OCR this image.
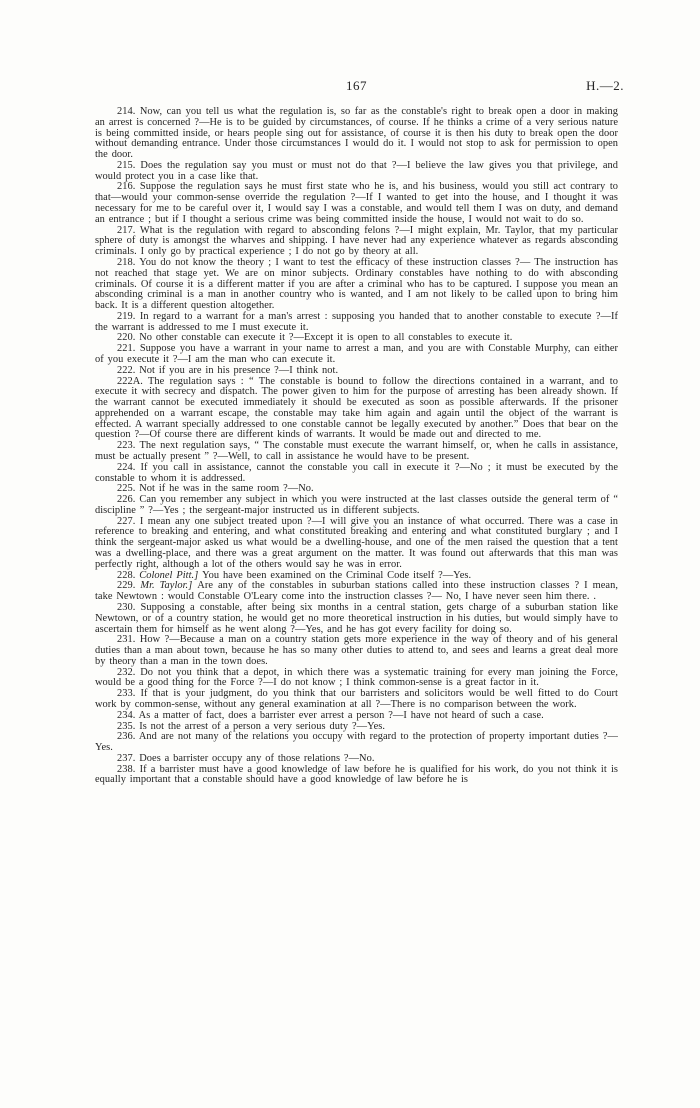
167	H.—2.

214. Now, can you tell us what the regulation is, so far as the constable's right to break open a door in making an arrest is concerned ?—He is to be guided by circumstances, of course. If he thinks a crime of a very serious nature is being committed inside, or hears people sing out for assistance, of course it is then his duty to break open the door without demanding entrance. Under those circumstances I would do it. I would not stop to ask for permission to open the door.

215. Does the regulation say you must or must not do that ?—I believe the law gives you that privilege, and would protect you in a case like that.

216. Suppose the regulation says he must first state who he is, and his business, would you still act contrary to that—would your common-sense override the regulation ?—If I wanted to get into the house, and I thought it was necessary for me to be careful over it, I would say I was a constable, and would tell them I was on duty, and demand an entrance ; but if I thought a serious crime was being committed inside the house, I would not wait to do so.

217. What is the regulation with regard to absconding felons ?—I might explain, Mr. Taylor, that my particular sphere of duty is amongst the wharves and shipping. I have never had any experience whatever as regards absconding criminals. I only go by practical experience ; I do not go by theory at all.

218. You do not know the theory ; I want to test the efficacy of these instruction classes ?— The instruction has not reached that stage yet. We are on minor subjects. Ordinary constables have nothing to do with absconding criminals. Of course it is a different matter if you are after a criminal who has to be captured. I suppose you mean an absconding criminal is a man in another country who is wanted, and I am not likely to be called upon to bring him back. It is a different question altogether.

219. In regard to a warrant for a man's arrest : supposing you handed that to another constable to execute ?—If the warrant is addressed to me I must execute it.

220. No other constable can execute it ?—Except it is open to all constables to execute it.

221. Suppose you have a warrant in your name to arrest a man, and you are with Constable Murphy, can either of you execute it ?—I am the man who can execute it.

222. Not if you are in his presence ?—I think not.

222A. The regulation says : “ The constable is bound to follow the directions contained in a warrant, and to execute it with secrecy and dispatch. The power given to him for the purpose of arresting has been already shown. If the warrant cannot be executed immediately it should be executed as soon as possible afterwards. If the prisoner apprehended on a warrant escape, the constable may take him again and again until the object of the warrant is effected. A warrant specially addressed to one constable cannot be legally executed by another.” Does that bear on the question ?—Of course there are different kinds of warrants. It would be made out and directed to me.

223. The next regulation says, “ The constable must execute the warrant himself, or, when he calls in assistance, must be actually present ” ?—Well, to call in assistance he would have to be present.

224. If you call in assistance, cannot the constable you call in execute it ?—No ; it must be executed by the constable to whom it is addressed.

225. Not if he was in the same room ?—No.

226. Can you remember any subject in which you were instructed at the last classes outside the general term of “ discipline ” ?—Yes ; the sergeant-major instructed us in different subjects.

227. I mean any one subject treated upon ?—I will give you an instance of what occurred. There was a case in reference to breaking and entering, and what constituted breaking and entering and what constituted burglary ; and I think the sergeant-major asked us what would be a dwelling-house, and one of the men raised the question that a tent was a dwelling-place, and there was a great argument on the matter. It was found out afterwards that this man was perfectly right, although a lot of the others would say he was in error.

228. Colonel Pitt.] You have been examined on the Criminal Code itself ?—Yes.

229. Mr. Taylor.] Are any of the constables in suburban stations called into these instruction classes ? I mean, take Newtown : would Constable O'Leary come into the instruction classes ?— No, I have never seen him there. .

230. Supposing a constable, after being six months in a central station, gets charge of a suburban station like Newtown, or of a country station, he would get no more theoretical instruction in his duties, but would simply have to ascertain them for himself as he went along ?—Yes, and he has got every facility for doing so.

231. How ?—Because a man on a country station gets more experience in the way of theory and of his general duties than a man about town, because he has so many other duties to attend to, and sees and learns a great deal more by theory than a man in the town does.

232. Do not you think that a depot, in which there was a systematic training for every man joining the Force, would be a good thing for the Force ?—I do not know ; I think common-sense is a great factor in it.

233. If that is your judgment, do you think that our barristers and solicitors would be well fitted to do Court work by common-sense, without any general examination at all ?—There is no comparison between the work.

234. As a matter of fact, does a barrister ever arrest a person ?—I have not heard of such a case.

235. Is not the arrest of a person a very serious duty ?—Yes.

236. And are not many of the relations you occupy with regard to the protection of property important duties ?—Yes.

237. Does a barrister occupy any of those relations ?—No.

238. If a barrister must have a good knowledge of law before he is qualified for his work, do you not think it is equally important that a constable should have a good knowledge of law before he is
